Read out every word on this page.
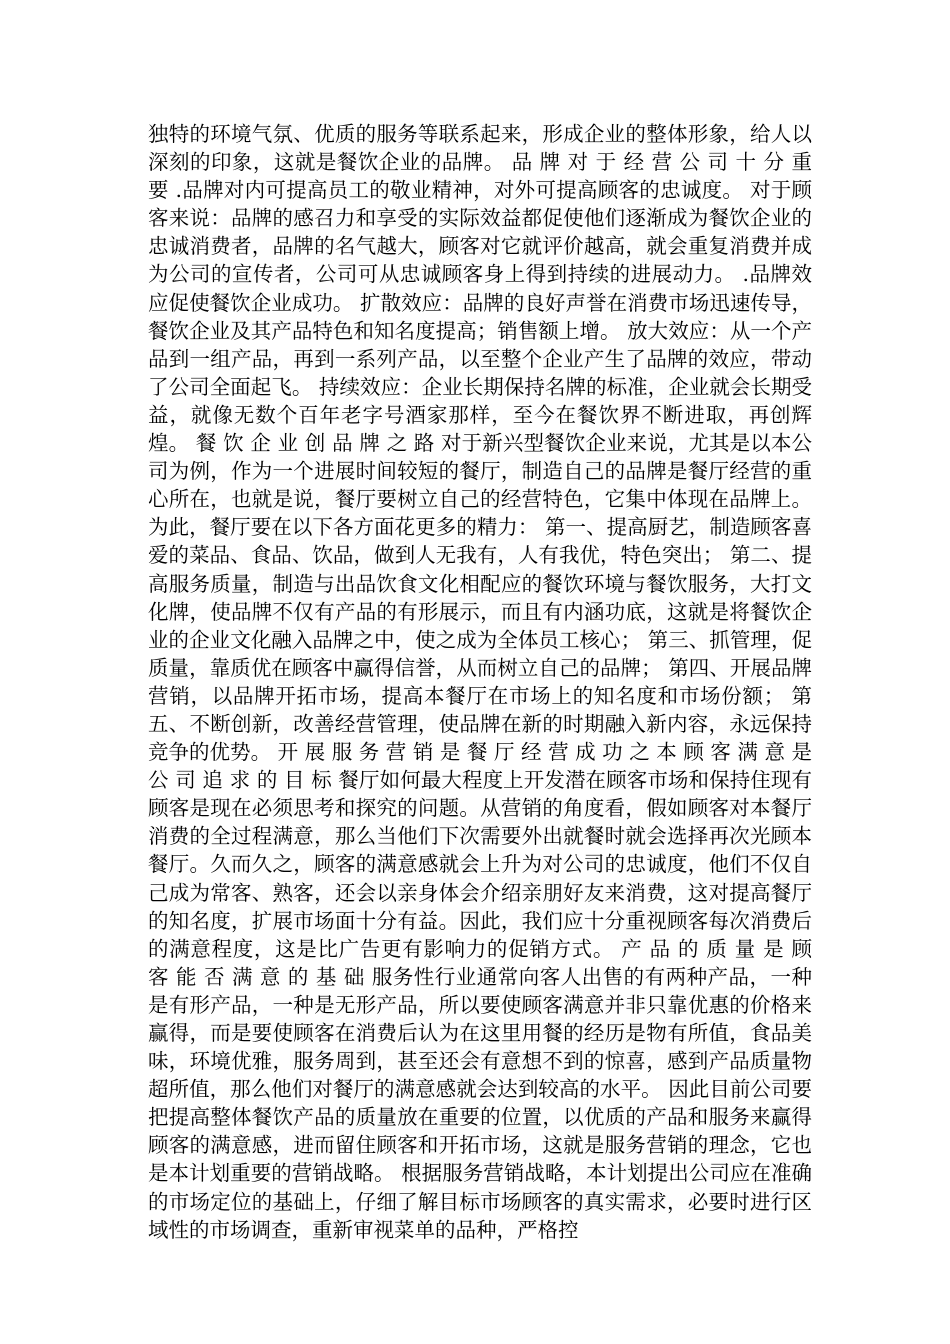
独特的环境气氛、优质的服务等联系起来，形成企业的整体形象，给人以深刻的印象，这就是餐饮企业的品牌。 品 牌 对 于 经 营 公 司 十 分 重 要 .品牌对内可提高员工的敬业精神，对外可提高顾客的忠诚度。 对于顾客来说：品牌的感召力和享受的实际效益都促使他们逐渐成为餐饮企业的忠诚消费者，品牌的名气越大，顾客对它就评价越高，就会重复消费并成为公司的宣传者，公司可从忠诚顾客身上得到持续的进展动力。 .品牌效应促使餐饮企业成功。 扩散效应：品牌的良好声誉在消费市场迅速传导，餐饮企业及其产品特色和知名度提高；销售额上增。 放大效应：从一个产品到一组产品，再到一系列产品，以至整个企业产生了品牌的效应，带动了公司全面起飞。 持续效应：企业长期保持名牌的标准，企业就会长期受益，就像无数个百年老字号酒家那样，至今在餐饮界不断进取，再创辉煌。 餐 饮 企 业 创 品 牌 之 路 对于新兴型餐饮企业来说，尤其是以本公司为例，作为一个进展时间较短的餐厅，制造自己的品牌是餐厅经营的重心所在，也就是说，餐厅要树立自己的经营特色，它集中体现在品牌上。为此，餐厅要在以下各方面花更多的精力： 第一、提高厨艺，制造顾客喜爱的菜品、食品、饮品，做到人无我有，人有我优，特色突出； 第二、提高服务质量，制造与出品饮食文化相配应的餐饮环境与餐饮服务，大打文化牌，使品牌不仅有产品的有形展示，而且有内涵功底，这就是将餐饮企业的企业文化融入品牌之中，使之成为全体员工核心； 第三、抓管理，促质量，靠质优在顾客中赢得信誉，从而树立自己的品牌； 第四、开展品牌营销，以品牌开拓市场，提高本餐厅在市场上的知名度和市场份额； 第五、不断创新，改善经营管理，使品牌在新的时期融入新内容，永远保持竞争的优势。 开 展 服 务 营 销 是 餐 厅 经 营 成 功 之 本 顾 客 满 意 是 公 司 追 求 的 目 标 餐厅如何最大程度上开发潜在顾客市场和保持住现有顾客是现在必须思考和探究的问题。从营销的角度看，假如顾客对本餐厅消费的全过程满意，那么当他们下次需要外出就餐时就会选择再次光顾本餐厅。久而久之，顾客的满意感就会上升为对公司的忠诚度，他们不仅自己成为常客、熟客，还会以亲身体会介绍亲朋好友来消费，这对提高餐厅的知名度，扩展市场面十分有益。因此，我们应十分重视顾客每次消费后的满意程度，这是比广告更有影响力的促销方式。 产 品 的 质 量 是 顾 客 能 否 满 意 的 基 础 服务性行业通常向客人出售的有两种产品，一种是有形产品，一种是无形产品，所以要使顾客满意并非只靠优惠的价格来赢得，而是要使顾客在消费后认为在这里用餐的经历是物有所值，食品美味，环境优雅，服务周到，甚至还会有意想不到的惊喜，感到产品质量物超所值，那么他们对餐厅的满意感就会达到较高的水平。 因此目前公司要把提高整体餐饮产品的质量放在重要的位置，以优质的产品和服务来赢得顾客的满意感，进而留住顾客和开拓市场，这就是服务营销的理念，它也是本计划重要的营销战略。 根据服务营销战略，本计划提出公司应在准确的市场定位的基础上，仔细了解目标市场顾客的真实需求，必要时进行区域性的市场调查，重新审视菜单的品种，严格控
